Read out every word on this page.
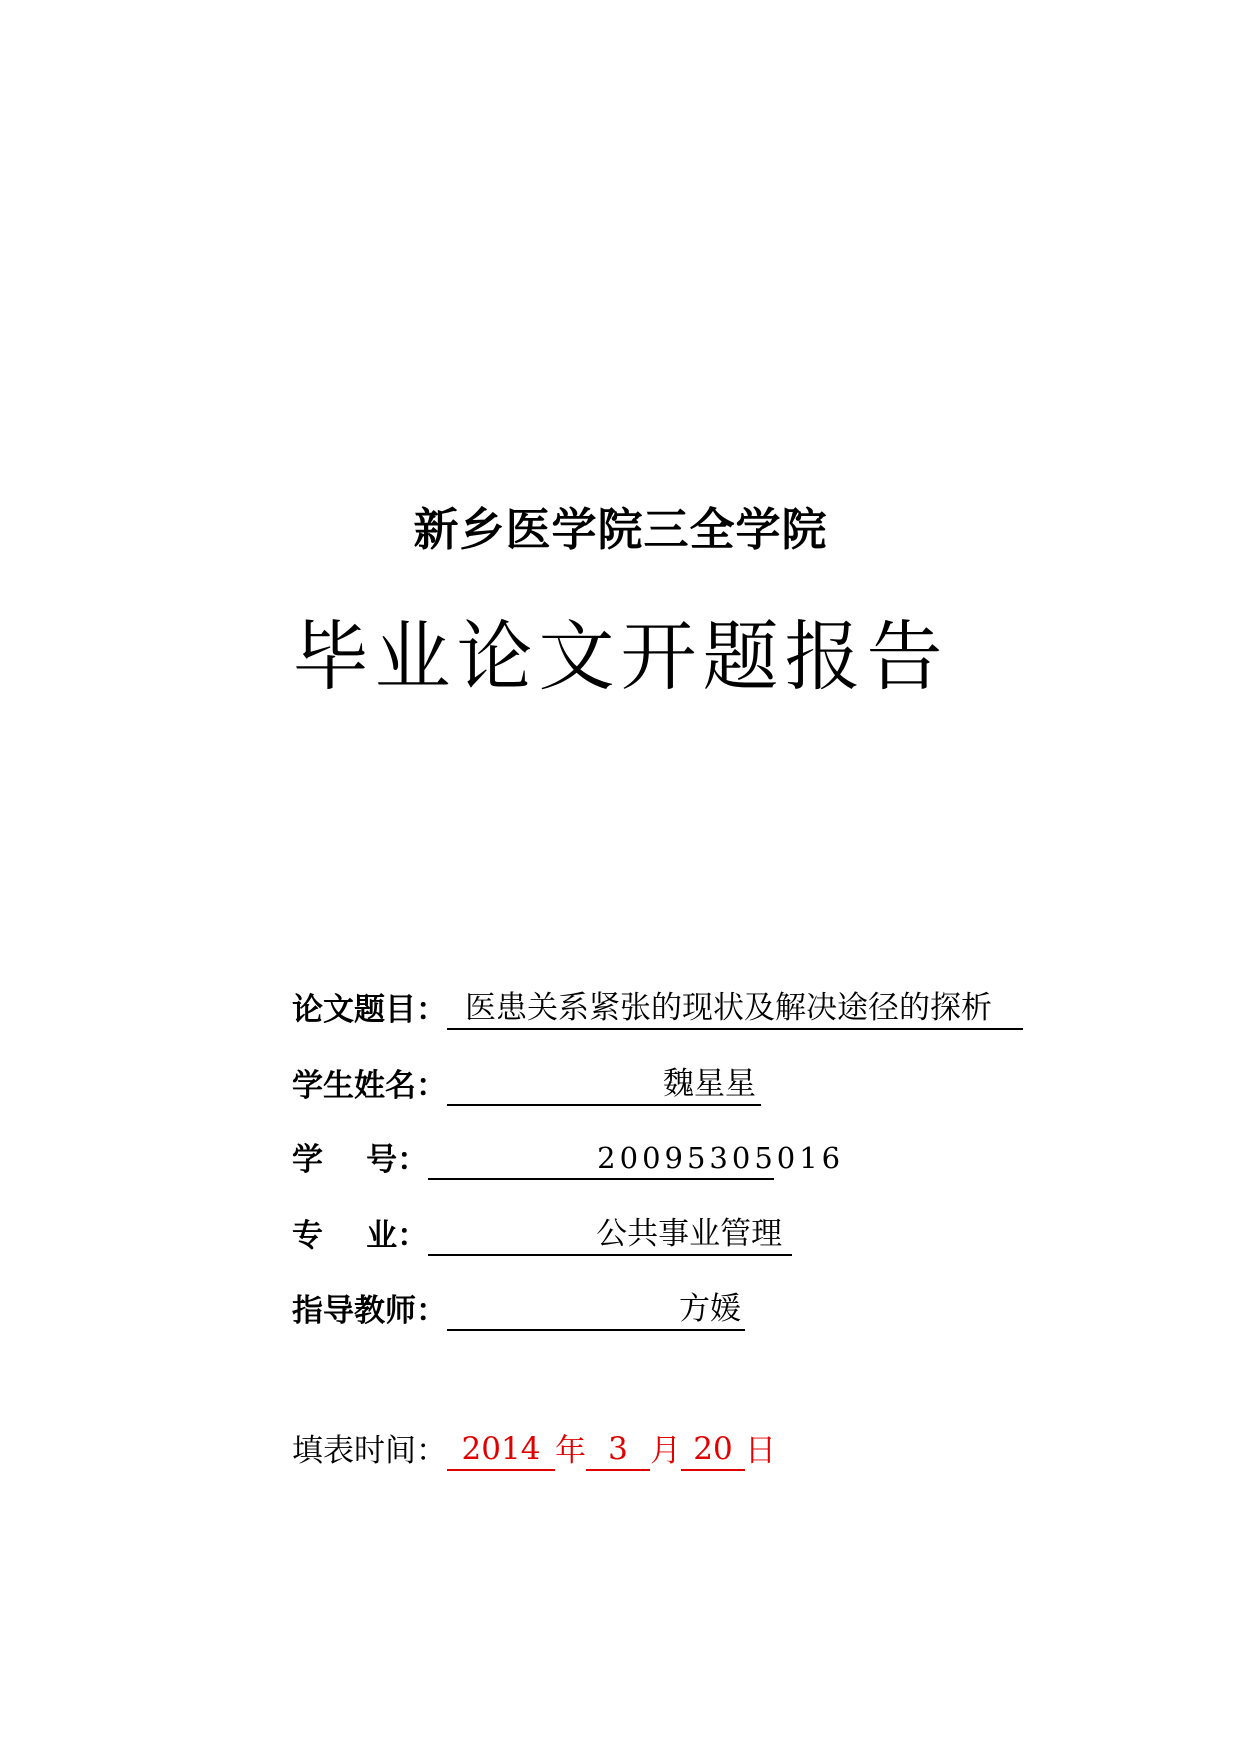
新乡医学院三全学院
毕业论文开题报告
论文题目： 医患关系紧张的现状及解决途径的探析
学生姓名：	魏星星
学    号：	20095305016
专    业：	公共事业管理
指导教师：	方媛
填表时间： 2014 年 3 月 20 日
